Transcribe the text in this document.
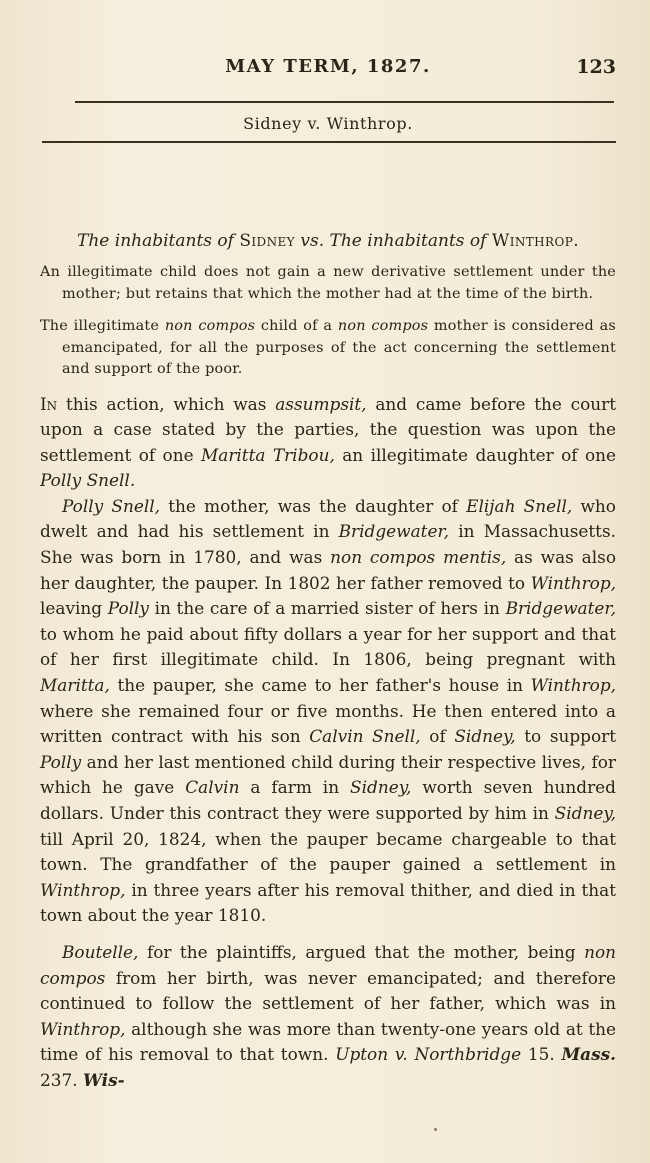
MAY TERM, 1827.	123
Sidney v. Winthrop.
The inhabitants of Sidney vs. The inhabitants of Winthrop.

An illegitimate child does not gain a new derivative settlement under the mother; but retains that which the mother had at the time of the birth.

The illegitimate non compos child of a non compos mother is considered as emancipated, for all the purposes of the act concerning the settlement and support of the poor.

In this action, which was assumpsit, and came before the court upon a case stated by the parties, the question was upon the settlement of one Maritta Tribou, an illegitimate daughter of one Polly Snell.

Polly Snell, the mother, was the daughter of Elijah Snell, who dwelt and had his settlement in Bridgewater, in Massachusetts. She was born in 1780, and was non compos mentis, as was also her daughter, the pauper. In 1802 her father removed to Winthrop, leaving Polly in the care of a married sister of hers in Bridgewater, to whom he paid about fifty dollars a year for her support and that of her first illegitimate child. In 1806, being pregnant with Maritta, the pauper, she came to her father's house in Winthrop, where she remained four or five months. He then entered into a written contract with his son Calvin Snell, of Sidney, to support Polly and her last mentioned child during their respective lives, for which he gave Calvin a farm in Sidney, worth seven hundred dollars. Under this contract they were supported by him in Sidney, till April 20, 1824, when the pauper became chargeable to that town. The grandfather of the pauper gained a settlement in Winthrop, in three years after his removal thither, and died in that town about the year 1810.

Boutelle, for the plaintiffs, argued that the mother, being non compos from her birth, was never emancipated; and therefore continued to follow the settlement of her father, which was in Winthrop, although she was more than twenty-one years old at the time of his removal to that town. Upton v. Northbridge 15. Mass. 237. Wis-
